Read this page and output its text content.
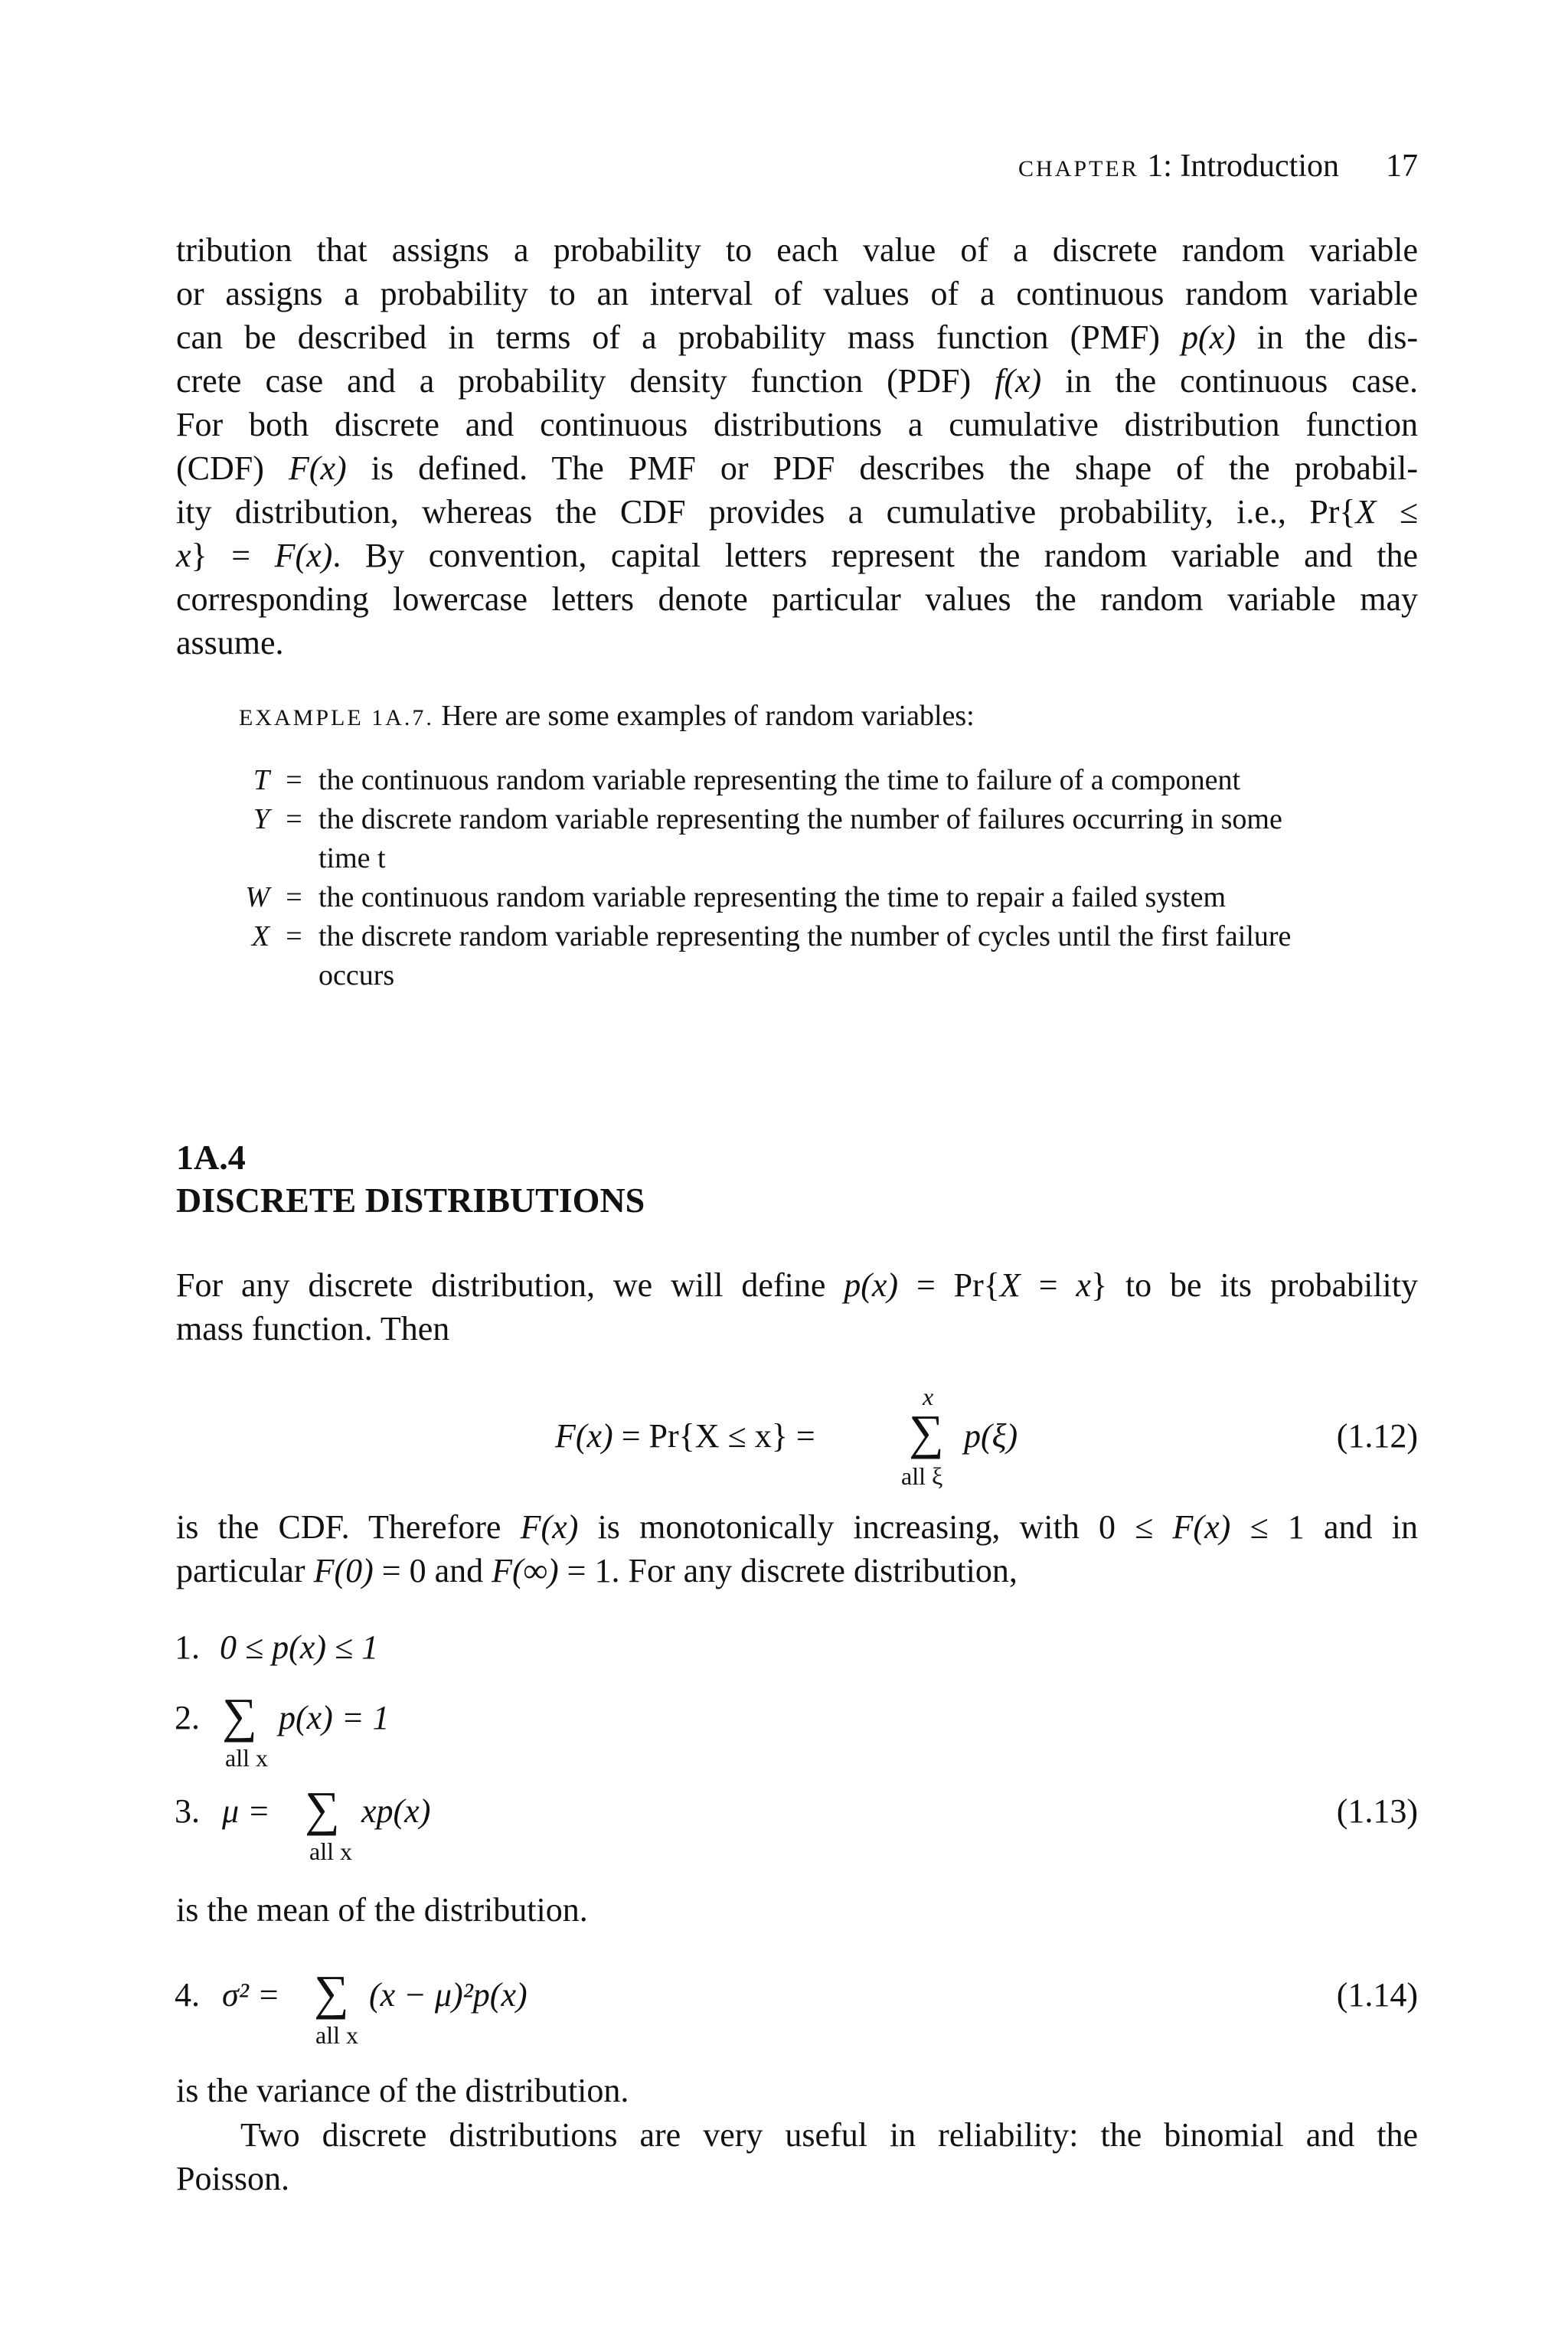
CHAPTER 1: Introduction 17
tribution that assigns a probability to each value of a discrete random variable
or assigns a probability to an interval of values of a continuous random variable
can be described in terms of a probability mass function (PMF) p(x) in the dis-
crete case and a probability density function (PDF) f(x) in the continuous case.
For both discrete and continuous distributions a cumulative distribution function
(CDF) F(x) is defined. The PMF or PDF describes the shape of the probabil-
ity distribution, whereas the CDF provides a cumulative probability, i.e., Pr{X ≤
x} = F(x). By convention, capital letters represent the random variable and the
corresponding lowercase letters denote particular values the random variable may
assume.
EXAMPLE 1A.7. Here are some examples of random variables:
T = the continuous random variable representing the time to failure of a component
Y = the discrete random variable representing the number of failures occurring in some
time t
W = the continuous random variable representing the time to repair a failed system
X = the discrete random variable representing the number of cycles until the first failure
occurs
1A.4
DISCRETE DISTRIBUTIONS
For any discrete distribution, we will define p(x) = Pr{X = x} to be its probability
mass function. Then
F(x) = Pr{X ≤ x} =
x
∑ p(ξ)
all ξ
(1.12)
is the CDF. Therefore F(x) is monotonically increasing, with 0 ≤ F(x) ≤ 1 and in
particular F(0) = 0 and F(∞) = 1. For any discrete distribution,
1. 0 ≤ p(x) ≤ 1
2. ∑ p(x) = 1
all x
3. μ = ∑ xp(x)
all x
(1.13)
is the mean of the distribution.
4. σ² = ∑ (x − μ)²p(x)
all x
(1.14)
is the variance of the distribution.
Two discrete distributions are very useful in reliability: the binomial and the
Poisson.
